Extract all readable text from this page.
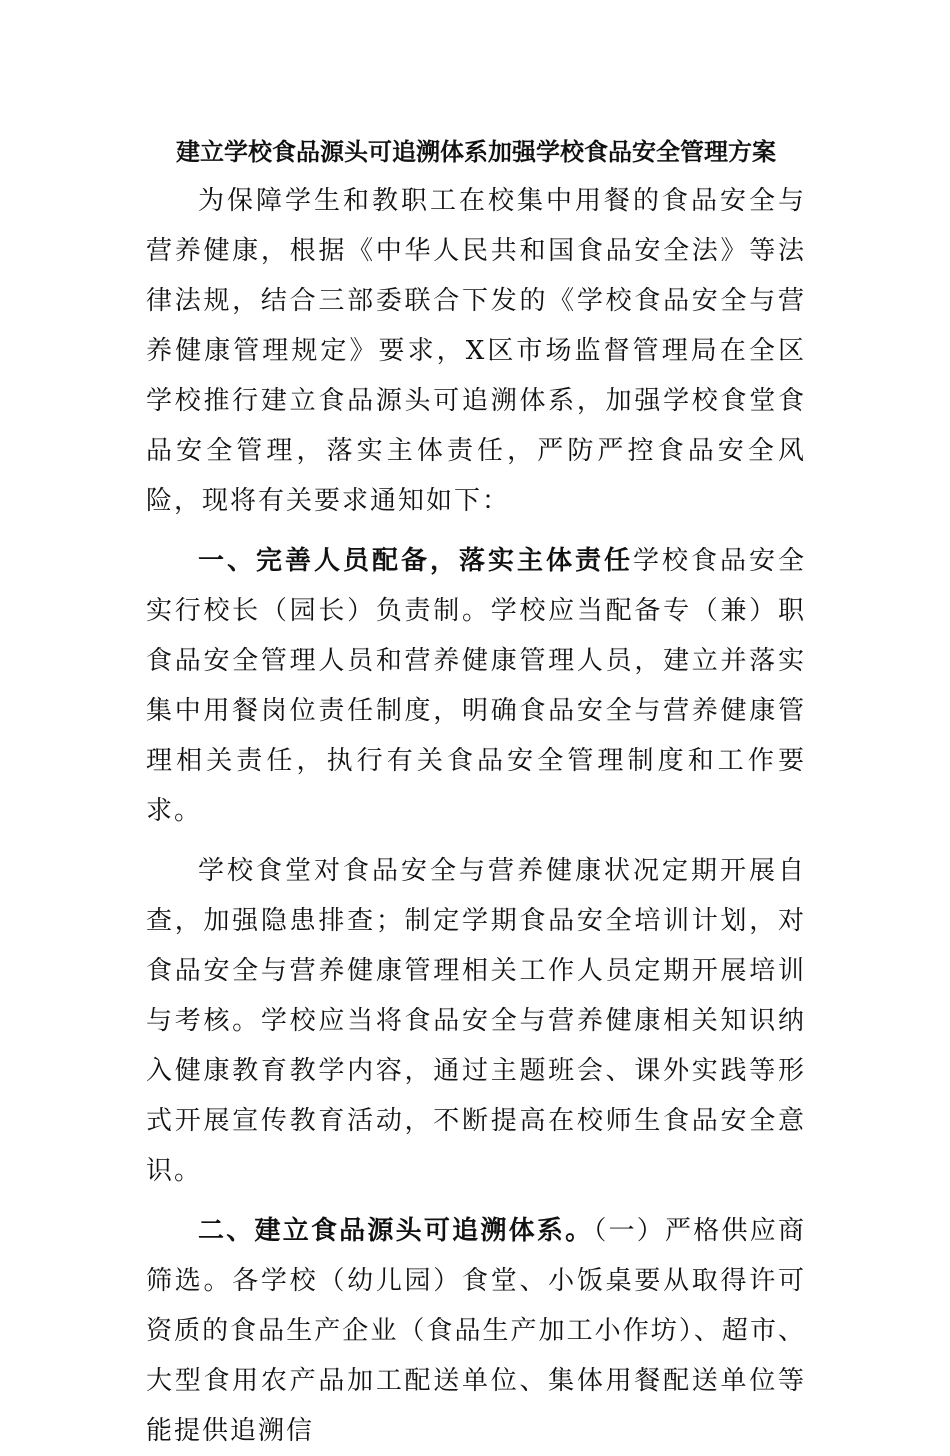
建立学校食品源头可追溯体系加强学校食品安全管理方案

为保障学生和教职工在校集中用餐的食品安全与营养健康，根据《中华人民共和国食品安全法》等法律法规，结合三部委联合下发的《学校食品安全与营养健康管理规定》要求，X区市场监督管理局在全区学校推行建立食品源头可追溯体系，加强学校食堂食品安全管理，落实主体责任，严防严控食品安全风险，现将有关要求通知如下：

一、完善人员配备，落实主体责任学校食品安全实行校长（园长）负责制。学校应当配备专（兼）职食品安全管理人员和营养健康管理人员，建立并落实集中用餐岗位责任制度，明确食品安全与营养健康管理相关责任，执行有关食品安全管理制度和工作要求。

学校食堂对食品安全与营养健康状况定期开展自查，加强隐患排查；制定学期食品安全培训计划，对食品安全与营养健康管理相关工作人员定期开展培训与考核。学校应当将食品安全与营养健康相关知识纳入健康教育教学内容，通过主题班会、课外实践等形式开展宣传教育活动，不断提高在校师生食品安全意识。

二、建立食品源头可追溯体系。（一）严格供应商筛选。各学校（幼儿园）食堂、小饭桌要从取得许可资质的食品生产企业（食品生产加工小作坊）、超市、大型食用农产品加工配送单位、集体用餐配送单位等能提供追溯信
